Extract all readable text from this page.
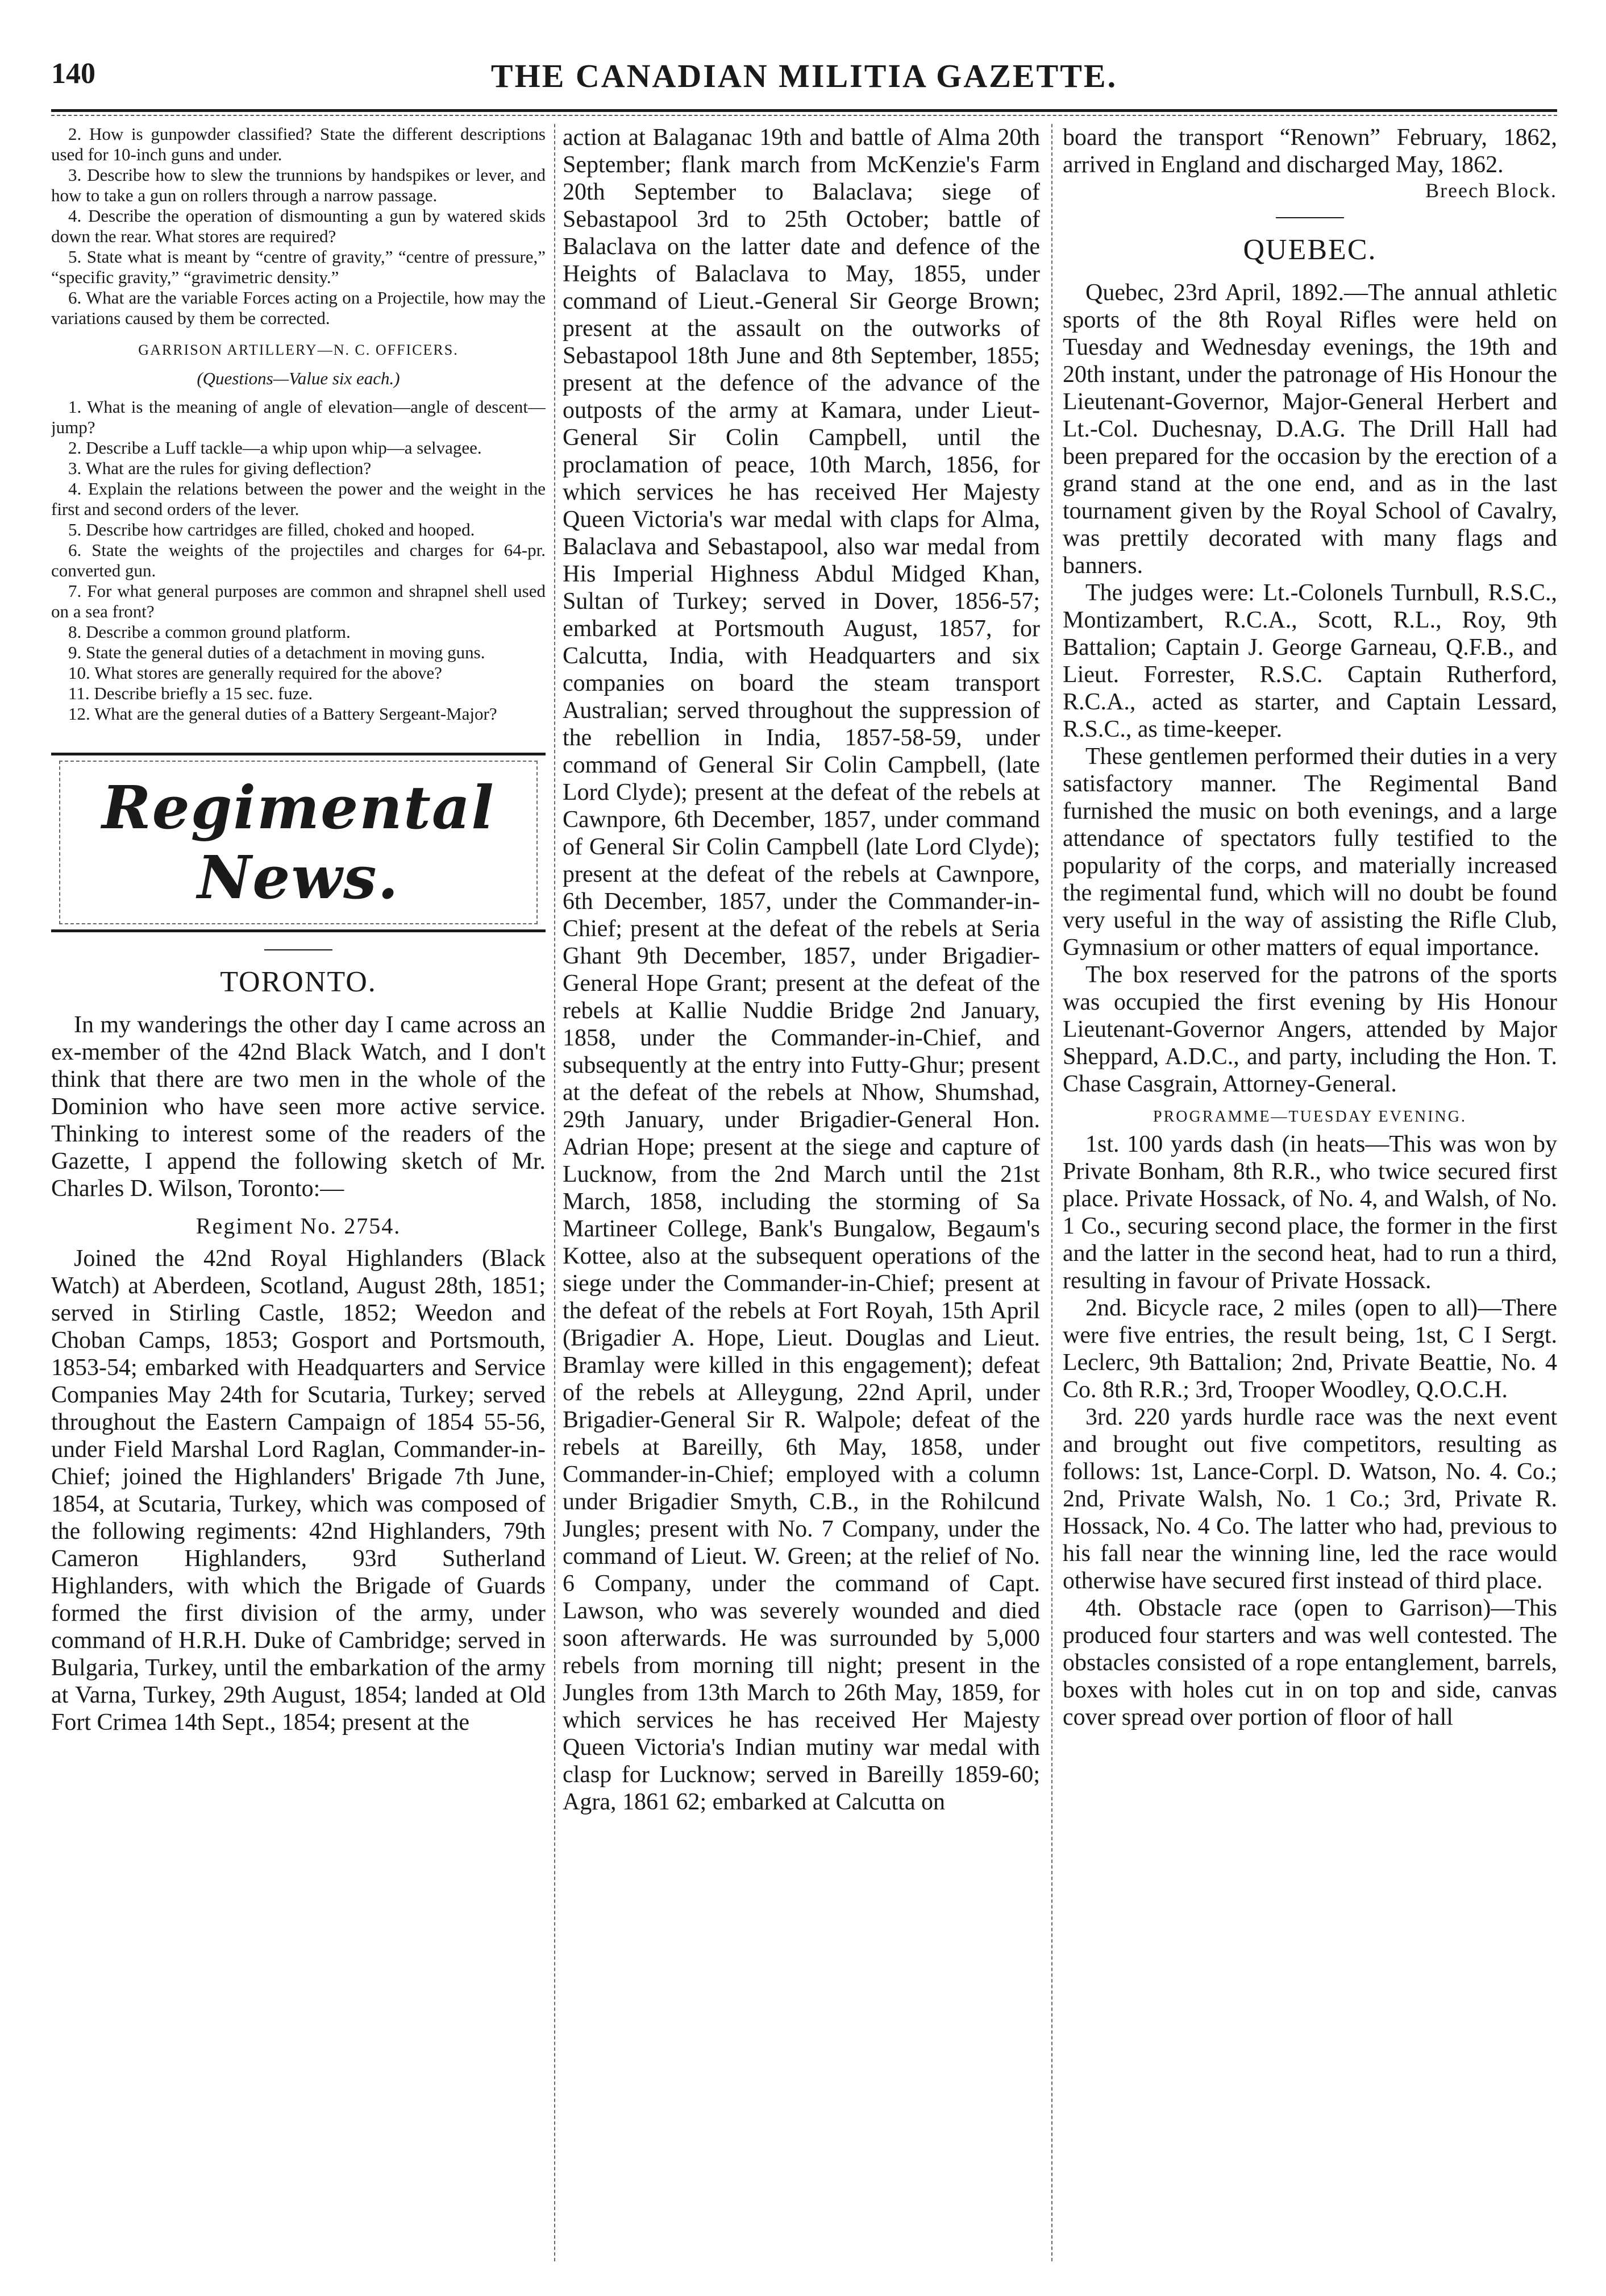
140	THE CANADIAN MILITIA GAZETTE.

2. How is gunpowder classified? State the different descriptions used for 10-inch guns and under.

3. Describe how to slew the trunnions by handspikes or lever, and how to take a gun on rollers through a narrow passage.

4. Describe the operation of dismounting a gun by watered skids down the rear. What stores are required?

5. State what is meant by “centre of gravity,” “centre of pressure,” “specific gravity,” “gravimetric density.”

6. What are the variable Forces acting on a Projectile, how may the variations caused by them be corrected.

GARRISON ARTILLERY—N. C. OFFICERS.

(Questions—Value six each.)

1. What is the meaning of angle of elevation—angle of descent—jump?

2. Describe a Luff tackle—a whip upon whip—a selvagee.

3. What are the rules for giving deflection?

4. Explain the relations between the power and the weight in the first and second orders of the lever.

5. Describe how cartridges are filled, choked and hooped.

6. State the weights of the projectiles and charges for 64-pr. converted gun.

7. For what general purposes are common and shrapnel shell used on a sea front?

8. Describe a common ground platform.

9. State the general duties of a detachment in moving guns.

10. What stores are generally required for the above?

11. Describe briefly a 15 sec. fuze.

12. What are the general duties of a Battery Sergeant-Major?

Regimental News.
TORONTO.

In my wanderings the other day I came across an ex-member of the 42nd Black Watch, and I don't think that there are two men in the whole of the Dominion who have seen more active service. Thinking to interest some of the readers of the Gazette, I append the following sketch of Mr. Charles D. Wilson, Toronto:—

Regiment No. 2754.

Joined the 42nd Royal Highlanders (Black Watch) at Aberdeen, Scotland, August 28th, 1851; served in Stirling Castle, 1852; Weedon and Choban Camps, 1853; Gosport and Portsmouth, 1853-54; embarked with Headquarters and Service Companies May 24th for Scutaria, Turkey; served throughout the Eastern Campaign of 1854 55-56, under Field Marshal Lord Raglan, Commander-in-Chief; joined the Highlanders' Brigade 7th June, 1854, at Scutaria, Turkey, which was composed of the following regiments: 42nd Highlanders, 79th Cameron Highlanders, 93rd Sutherland Highlanders, with which the Brigade of Guards formed the first division of the army, under command of H.R.H. Duke of Cambridge; served in Bulgaria, Turkey, until the embarkation of the army at Varna, Turkey, 29th August, 1854; landed at Old Fort Crimea 14th Sept., 1854; present at the

action at Balaganac 19th and battle of Alma 20th September; flank march from McKenzie's Farm 20th September to Balaclava; siege of Sebastapool 3rd to 25th October; battle of Balaclava on the latter date and defence of the Heights of Balaclava to May, 1855, under command of Lieut.-General Sir George Brown; present at the assault on the outworks of Sebastapool 18th June and 8th September, 1855; present at the defence of the advance of the outposts of the army at Kamara, under Lieut-General Sir Colin Campbell, until the proclamation of peace, 10th March, 1856, for which services he has received Her Majesty Queen Victoria's war medal with claps for Alma, Balaclava and Sebastapool, also war medal from His Imperial Highness Abdul Midged Khan, Sultan of Turkey; served in Dover, 1856-57; embarked at Portsmouth August, 1857, for Calcutta, India, with Headquarters and six companies on board the steam transport Australian; served throughout the suppression of the rebellion in India, 1857-58-59, under command of General Sir Colin Campbell, (late Lord Clyde); present at the defeat of the rebels at Cawnpore, 6th December, 1857, under command of General Sir Colin Campbell (late Lord Clyde); present at the defeat of the rebels at Cawnpore, 6th December, 1857, under the Commander-in-Chief; present at the defeat of the rebels at Seria Ghant 9th December, 1857, under Brigadier-General Hope Grant; present at the defeat of the rebels at Kallie Nuddie Bridge 2nd January, 1858, under the Commander-in-Chief, and subsequently at the entry into Futty-Ghur; present at the defeat of the rebels at Nhow, Shumshad, 29th January, under Brigadier-General Hon. Adrian Hope; present at the siege and capture of Lucknow, from the 2nd March until the 21st March, 1858, including the storming of Sa Martineer College, Bank's Bungalow, Begaum's Kottee, also at the subsequent operations of the siege under the Commander-in-Chief; present at the defeat of the rebels at Fort Royah, 15th April (Brigadier A. Hope, Lieut. Douglas and Lieut. Bramlay were killed in this engagement); defeat of the rebels at Alleygung, 22nd April, under Brigadier-General Sir R. Walpole; defeat of the rebels at Bareilly, 6th May, 1858, under Commander-in-Chief; employed with a column under Brigadier Smyth, C.B., in the Rohilcund Jungles; present with No. 7 Company, under the command of Lieut. W. Green; at the relief of No. 6 Company, under the command of Capt. Lawson, who was severely wounded and died soon afterwards. He was surrounded by 5,000 rebels from morning till night; present in the Jungles from 13th March to 26th May, 1859, for which services he has received Her Majesty Queen Victoria's Indian mutiny war medal with clasp for Lucknow; served in Bareilly 1859-60; Agra, 1861 62; embarked at Calcutta on

board the transport “Renown” February, 1862, arrived in England and discharged May, 1862.

Breech Block.
QUEBEC.

Quebec, 23rd April, 1892.—The annual athletic sports of the 8th Royal Rifles were held on Tuesday and Wednesday evenings, the 19th and 20th instant, under the patronage of His Honour the Lieutenant-Governor, Major-General Herbert and Lt.-Col. Duchesnay, D.A.G. The Drill Hall had been prepared for the occasion by the erection of a grand stand at the one end, and as in the last tournament given by the Royal School of Cavalry, was prettily decorated with many flags and banners.

The judges were: Lt.-Colonels Turnbull, R.S.C., Montizambert, R.C.A., Scott, R.L., Roy, 9th Battalion; Captain J. George Garneau, Q.F.B., and Lieut. Forrester, R.S.C. Captain Rutherford, R.C.A., acted as starter, and Captain Lessard, R.S.C., as time-keeper.

These gentlemen performed their duties in a very satisfactory manner. The Regimental Band furnished the music on both evenings, and a large attendance of spectators fully testified to the popularity of the corps, and materially increased the regimental fund, which will no doubt be found very useful in the way of assisting the Rifle Club, Gymnasium or other matters of equal importance.

The box reserved for the patrons of the sports was occupied the first evening by His Honour Lieutenant-Governor Angers, attended by Major Sheppard, A.D.C., and party, including the Hon. T. Chase Casgrain, Attorney-General.

PROGRAMME—TUESDAY EVENING.

1st. 100 yards dash (in heats—This was won by Private Bonham, 8th R.R., who twice secured first place. Private Hossack, of No. 4, and Walsh, of No. 1 Co., securing second place, the former in the first and the latter in the second heat, had to run a third, resulting in favour of Private Hossack.

2nd. Bicycle race, 2 miles (open to all)—There were five entries, the result being, 1st, C I Sergt. Leclerc, 9th Battalion; 2nd, Private Beattie, No. 4 Co. 8th R.R.; 3rd, Trooper Woodley, Q.O.C.H.

3rd. 220 yards hurdle race was the next event and brought out five competitors, resulting as follows: 1st, Lance-Corpl. D. Watson, No. 4. Co.; 2nd, Private Walsh, No. 1 Co.; 3rd, Private R. Hossack, No. 4 Co. The latter who had, previous to his fall near the winning line, led the race would otherwise have secured first instead of third place.

4th. Obstacle race (open to Garrison)—This produced four starters and was well contested. The obstacles consisted of a rope entanglement, barrels, boxes with holes cut in on top and side, canvas cover spread over portion of floor of hall
